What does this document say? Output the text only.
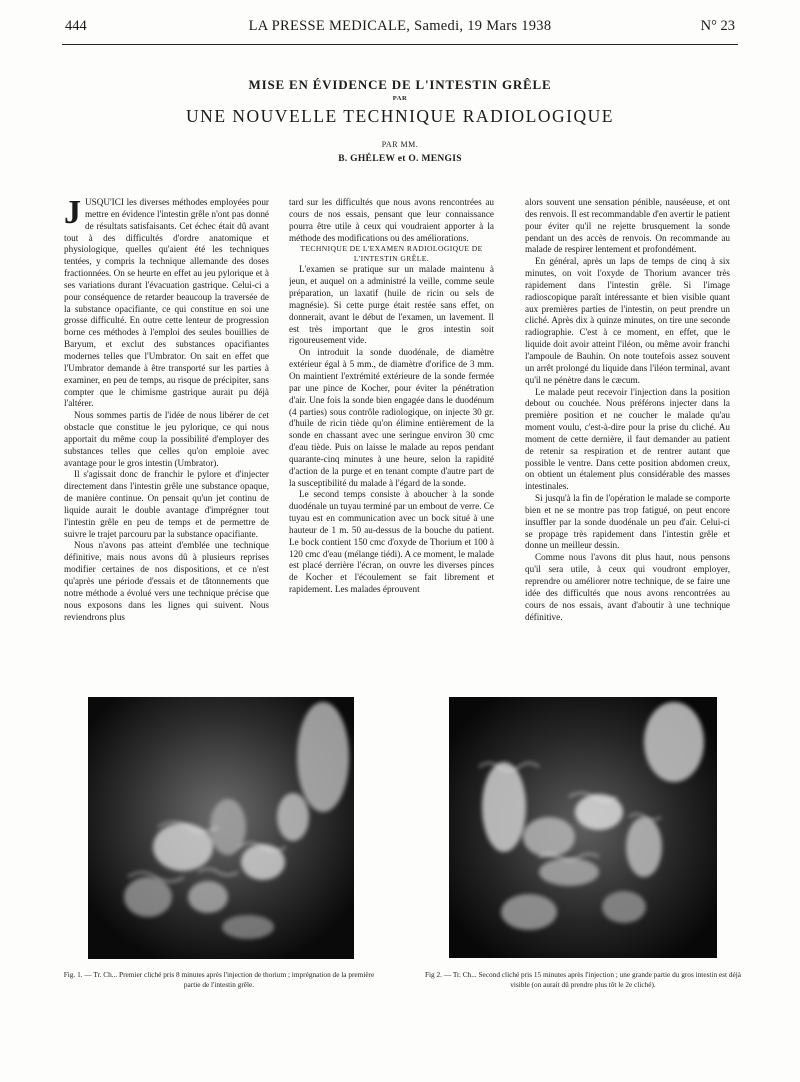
444	LA PRESSE MEDICALE, Samedi, 19 Mars 1938	N° 23
MISE EN ÉVIDENCE DE L'INTESTIN GRÊLE
PAR
UNE NOUVELLE TECHNIQUE RADIOLOGIQUE
PAR MM.
B. GHÉLEW et O. MENGIS

JUSQU'ICI les diverses méthodes employées pour mettre en évidence l'intestin grêle n'ont pas donné de résultats satisfaisants. Cet échec était dû avant tout à des difficultés d'ordre anatomique et physiologique, quelles qu'aient été les techniques tentées, y compris la technique allemande des doses fractionnées. On se heurte en effet au jeu pylorique et à ses variations durant l'évacuation gastrique. Celui-ci a pour conséquence de retarder beaucoup la traversée de la substance opacifiante, ce qui constitue en soi une grosse difficulté. En outre cette lenteur de progression borne ces méthodes à l'emploi des seules bouillies de Baryum, et exclut des substances opacifiantes modernes telles que l'Umbrator. On sait en effet que l'Umbrator demande à être transporté sur les parties à examiner, en peu de temps, au risque de précipiter, sans compter que le chimisme gastrique aurait pu déjà l'altérer.

Nous sommes partis de l'idée de nous libérer de cet obstacle que constitue le jeu pylorique, ce qui nous apportait du même coup la possibilité d'employer des substances telles que celles qu'on emploie avec avantage pour le gros intestin (Umbrator).

Il s'agissait donc de franchir le pylore et d'injecter directement dans l'intestin grêle une substance opaque, de manière continue. On pensait qu'un jet continu de liquide aurait le double avantage d'imprégner tout l'intestin grêle en peu de temps et de permettre de suivre le trajet parcouru par la substance opacifiante.

Nous n'avons pas atteint d'emblée une technique définitive, mais nous avons dû à plusieurs reprises modifier certaines de nos dispositions, et ce n'est qu'après une période d'essais et de tâtonnements que notre méthode a évolué vers une technique précise que nous exposons dans les lignes qui suivent. Nous reviendrons plus

tard sur les difficultés que nous avons rencontrées au cours de nos essais, pensant que leur connaissance pourra être utile à ceux qui voudraient apporter à la méthode des modifications ou des améliorations.

TECHNIQUE DE L'EXAMEN RADIOLOGIQUE DE L'INTESTIN GRÊLE.

L'examen se pratique sur un malade maintenu à jeun, et auquel on a administré la veille, comme seule préparation, un laxatif (huile de ricin ou sels de magnésie). Si cette purge était restée sans effet, on donnerait, avant le début de l'examen, un lavement. Il est très important que le gros intestin soit rigoureusement vide.

On introduit la sonde duodénale, de diamètre extérieur égal à 5 mm., de diamètre d'orifice de 3 mm. On maintient l'extrémité extérieure de la sonde fermée par une pince de Kocher, pour éviter la pénétration d'air. Une fois la sonde bien engagée dans le duodénum (4 parties) sous contrôle radiologique, on injecte 30 gr. d'huile de ricin tiède qu'on élimine entièrement de la sonde en chassant avec une seringue environ 30 cmc d'eau tiède. Puis on laisse le malade au repos pendant quarante-cinq minutes à une heure, selon la rapidité d'action de la purge et en tenant compte d'autre part de la susceptibilité du malade à l'égard de la sonde.

Le second temps consiste à aboucher à la sonde duodénale un tuyau terminé par un embout de verre. Ce tuyau est en communication avec un bock situé à une hauteur de 1 m. 50 au-dessus de la bouche du patient. Le bock contient 150 cmc d'oxyde de Thorium et 100 à 120 cmc d'eau (mélange tiédi). A ce moment, le malade est placé derrière l'écran, on ouvre les diverses pinces de Kocher et l'écoulement se fait librement et rapidement. Les malades éprouvent

alors souvent une sensation pénible, nauséeuse, et ont des renvois. Il est recommandable d'en avertir le patient pour éviter qu'il ne rejette brusquement la sonde pendant un des accès de renvois. On recommande au malade de respirer lentement et profondément.

En général, après un laps de temps de cinq à six minutes, on voit l'oxyde de Thorium avancer très rapidement dans l'intestin grêle. Si l'image radioscopique paraît intéressante et bien visible quant aux premières parties de l'intestin, on peut prendre un cliché. Après dix à quinze minutes, on tire une seconde radiographie. C'est à ce moment, en effet, que le liquide doit avoir atteint l'iléon, ou même avoir franchi l'ampoule de Bauhin. On note toutefois assez souvent un arrêt prolongé du liquide dans l'iléon terminal, avant qu'il ne pénètre dans le cæcum.

Le malade peut recevoir l'injection dans la position debout ou couchée. Nous préférons injecter dans la première position et ne coucher le malade qu'au moment voulu, c'est-à-dire pour la prise du cliché. Au moment de cette dernière, il faut demander au patient de retenir sa respiration et de rentrer autant que possible le ventre. Dans cette position abdomen creux, on obtient un étalement plus considérable des masses intestinales.

Si jusqu'à la fin de l'opération le malade se comporte bien et ne se montre pas trop fatigué, on peut encore insuffler par la sonde duodénale un peu d'air. Celui-ci se propage très rapidement dans l'intestin grêle et donne un meilleur dessin.

Comme nous l'avons dit plus haut, nous pensons qu'il sera utile, à ceux qui voudront employer, reprendre ou améliorer notre technique, de se faire une idée des difficultés que nous avons rencontrées au cours de nos essais, avant d'aboutir à une technique définitive.

Fig. 1. — Tr. Ch... Premier cliché pris 8 minutes après l'injection de thorium ; imprégnation de la première partie de l'intestin grêle.
Fig 2. — Tr. Ch... Second cliché pris 15 minutes après l'injection ; une grande partie du gros intestin est déjà visible (on aurait dû prendre plus tôt le 2e cliché).
